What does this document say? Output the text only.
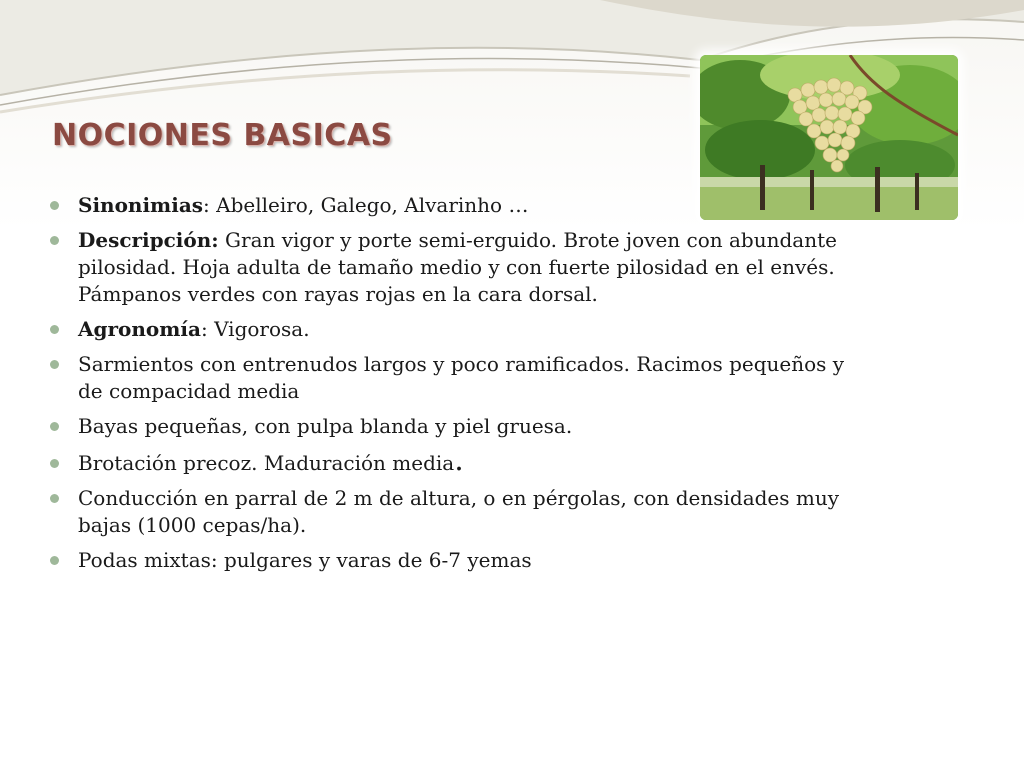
NOCIONES BASICAS
Sinonimias: Abelleiro, Galego, Alvarinho …
Descripción: Gran vigor y porte semi-erguido. Brote joven con abundante pilosidad. Hoja adulta de tamaño medio y con fuerte pilosidad en el envés. Pámpanos verdes con rayas rojas en la cara dorsal.
Agronomía: Vigorosa.
Sarmientos con entrenudos largos y poco ramificados. Racimos pequeños y de compacidad media
Bayas pequeñas, con pulpa blanda y piel gruesa.
Brotación precoz. Maduración media.
Conducción en parral de 2 m de altura, o en pérgolas, con densidades muy bajas (1000 cepas/ha).
Podas mixtas: pulgares y varas de 6-7 yemas
